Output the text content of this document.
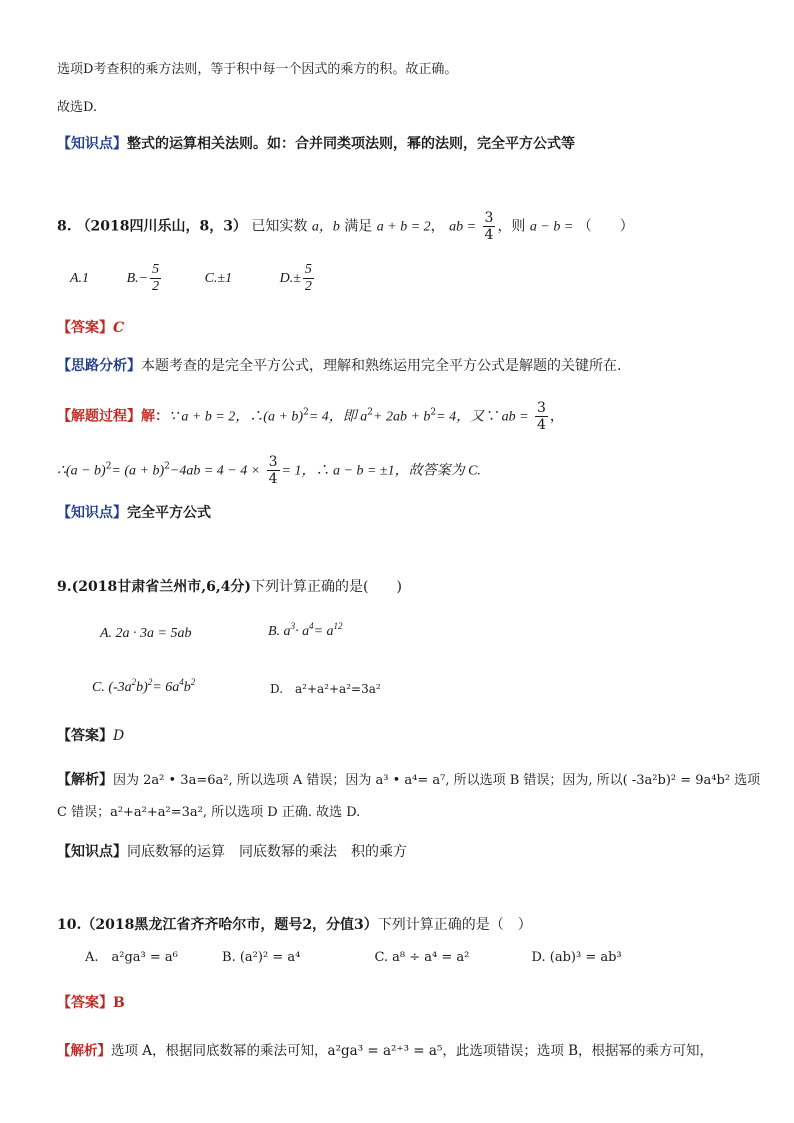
选项D考查积的乘方法则，等于积中每一个因式的乘方的积。故正确。
故选D.
【知识点】整式的运算相关法则。如：合并同类项法则，幂的法则，完全平方公式等
8. （2018四川乐山，8，3） 已知实数 a，b 满足 a + b = 2， ab = $\frac{3}{4}$ ，则 a − b = （　　）
A.1	$B.- \frac{5}{2}$	C.±1	$D.\pm \frac{5}{2}$
【答案】C
【思路分析】本题考查的是完全平方公式，理解和熟练运用完全平方公式是解题的关键所在.
【解题过程】解：∵ a + b = 2，∴(a + b)$^2$= 4，即 $a^2+ 2ab + b^2= 4$，又∵ ab = $\frac{3}{4}$ ，
∴(a − $b)^2= (a + b)^2-4ab = 4 - 4 \times \frac{3}{4} = 1$，∴ a − b = ±1，故答案为 C.
【知识点】完全平方公式
9.(2018甘肃省兰州市,6,4分)下列计算正确的是(　　)
A. 2a · 3a = 5ab	B. $a^3\cdot a^4= a^{12}$
C. $(-3a^2b)^2= 6a^4b^2$	D.　a²+a²+a²=3a²
【答案】D
【解析】因为 2a² • 3a=6a², 所以选项 A 错误；因为 a³ • a⁴= a⁷, 所以选项 B 错误；因为, 所以( -3a²b)² = 9a⁴b² 选项
C 错误；a²+a²+a²=3a², 所以选项 D 正确. 故选 D.
【知识点】同底数幂的运算　同底数幂的乘法　积的乘方
10.（2018黑龙江省齐齐哈尔市，题号2，分值3）下列计算正确的是（　）
A.　a²ga³ = a⁶	B. (a²)² = a⁴	C. a⁸ ÷ a⁴ = a²	D. (ab)³ = ab³
【答案】B
【解析】选项 A，根据同底数幂的乘法可知，a²ga³ = a²⁺³ = a⁵，此选项错误；选项 B，根据幂的乘方可知，
